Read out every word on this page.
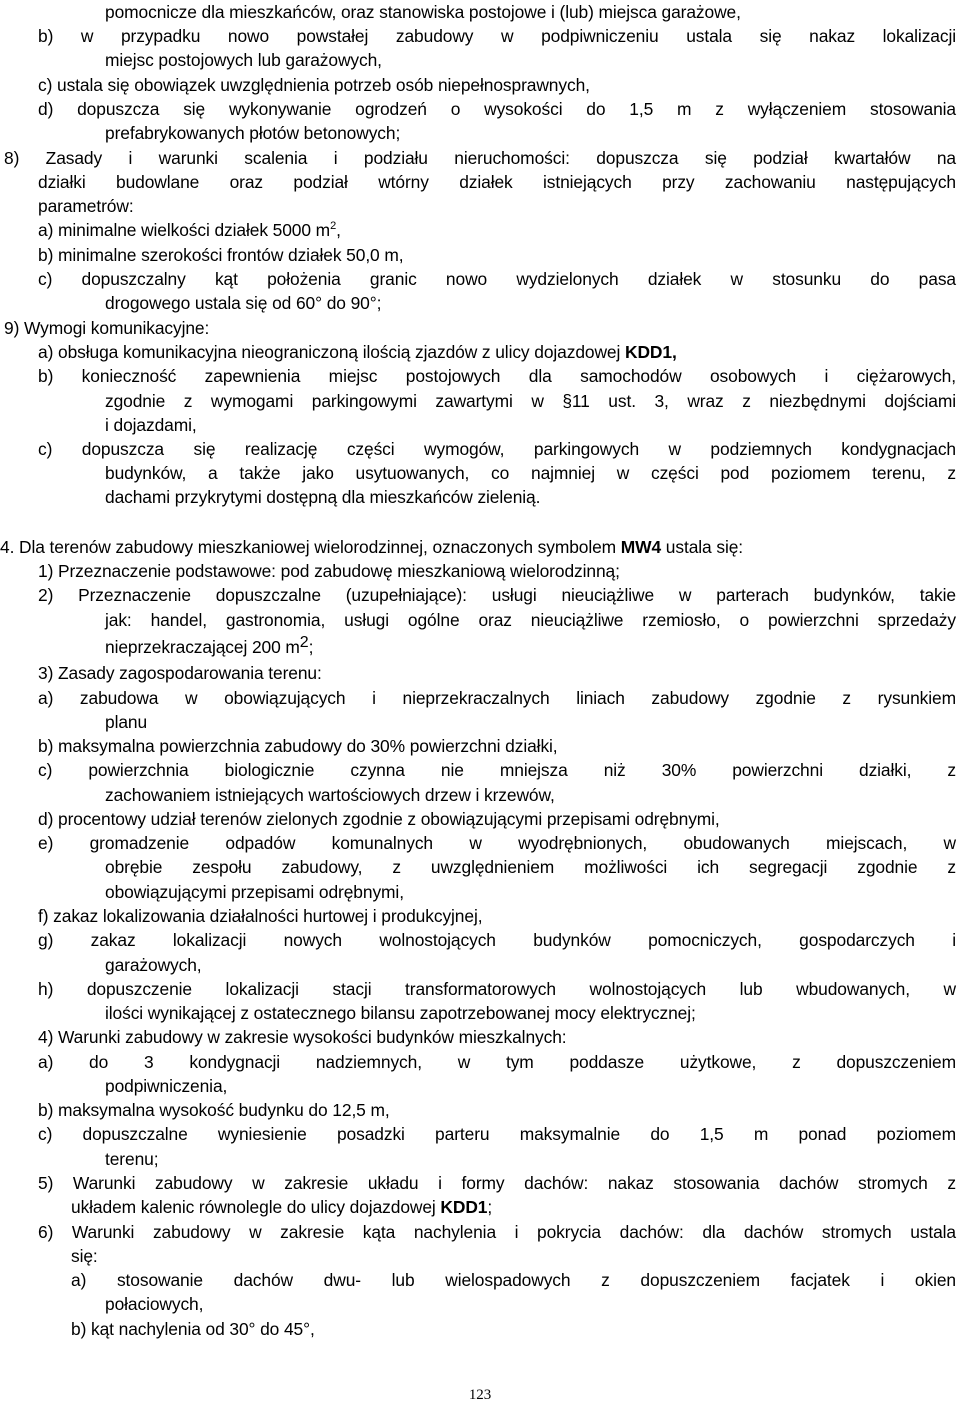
pomocnicze dla mieszkańców, oraz stanowiska postojowe i (lub) miejsca garażowe,
b) w przypadku nowo powstałej zabudowy w podpiwniczeniu ustala się nakaz lokalizacji
miejsc postojowych lub garażowych,
c) ustala się obowiązek uwzględnienia potrzeb osób niepełnosprawnych,
d) dopuszcza się wykonywanie ogrodzeń o wysokości do 1,5 m z wyłączeniem stosowania
prefabrykowanych płotów betonowych;
8) Zasady i warunki scalenia i podziału nieruchomości: dopuszcza się podział kwartałów na
działki budowlane oraz podział wtórny działek istniejących przy zachowaniu następujących
parametrów:
a) minimalne wielkości działek 5000 $m^2$,
b) minimalne szerokości frontów działek 50,0 m,
c) dopuszczalny kąt położenia granic nowo wydzielonych działek w stosunku do pasa
drogowego ustala się od 60° do 90°;
9) Wymogi komunikacyjne:
a) obsługa komunikacyjna nieograniczoną ilością zjazdów z ulicy dojazdowej KDD1,
b) konieczność zapewnienia miejsc postojowych dla samochodów osobowych i ciężarowych,
zgodnie z wymogami parkingowymi zawartymi w §11 ust. 3, wraz z niezbędnymi dojściami
i dojazdami,
c) dopuszcza się realizację części wymogów, parkingowych w podziemnych kondygnacjach
budynków, a także jako usytuowanych, co najmniej w części pod poziomem terenu, z
dachami przykrytymi dostępną dla mieszkańców zielenią.
4. Dla terenów zabudowy mieszkaniowej wielorodzinnej, oznaczonych symbolem MW4 ustala się:
1) Przeznaczenie podstawowe: pod zabudowę mieszkaniową wielorodzinną;
2) Przeznaczenie dopuszczalne (uzupełniające): usługi nieuciążliwe w parterach budynków, takie
jak: handel, gastronomia, usługi ogólne oraz nieuciążliwe rzemiosło, o powierzchni sprzedaży
nieprzekraczającej 200 m2;
3) Zasady zagospodarowania terenu:
a) zabudowa w obowiązujących i nieprzekraczalnych liniach zabudowy zgodnie z rysunkiem
planu
b) maksymalna powierzchnia zabudowy do 30% powierzchni działki,
c) powierzchnia biologicznie czynna nie mniejsza niż 30% powierzchni działki, z
zachowaniem istniejących wartościowych drzew i krzewów,
d) procentowy udział terenów zielonych zgodnie z obowiązującymi przepisami odrębnymi,
e) gromadzenie odpadów komunalnych w wyodrębnionych, obudowanych miejscach, w
obrębie zespołu zabudowy, z uwzględnieniem możliwości ich segregacji zgodnie z
obowiązującymi przepisami odrębnymi,
f) zakaz lokalizowania działalności hurtowej i produkcyjnej,
g) zakaz lokalizacji nowych wolnostojących budynków pomocniczych, gospodarczych i
garażowych,
h) dopuszczenie lokalizacji stacji transformatorowych wolnostojących lub wbudowanych, w
ilości wynikającej z ostatecznego bilansu zapotrzebowanej mocy elektrycznej;
4) Warunki zabudowy w zakresie wysokości budynków mieszkalnych:
a) do 3 kondygnacji nadziemnych, w tym poddasze użytkowe, z dopuszczeniem
podpiwniczenia,
b) maksymalna wysokość budynku do 12,5 m,
c) dopuszczalne wyniesienie posadzki parteru maksymalnie do 1,5 m ponad poziomem
terenu;
5) Warunki zabudowy w zakresie układu i formy dachów: nakaz stosowania dachów stromych z
układem kalenic równolegle do ulicy dojazdowej KDD1;
6) Warunki zabudowy w zakresie kąta nachylenia i pokrycia dachów: dla dachów stromych ustala
się:
a) stosowanie dachów dwu- lub wielospadowych z dopuszczeniem facjatek i okien
połaciowych,
b) kąt nachylenia od 30° do 45°,
123
